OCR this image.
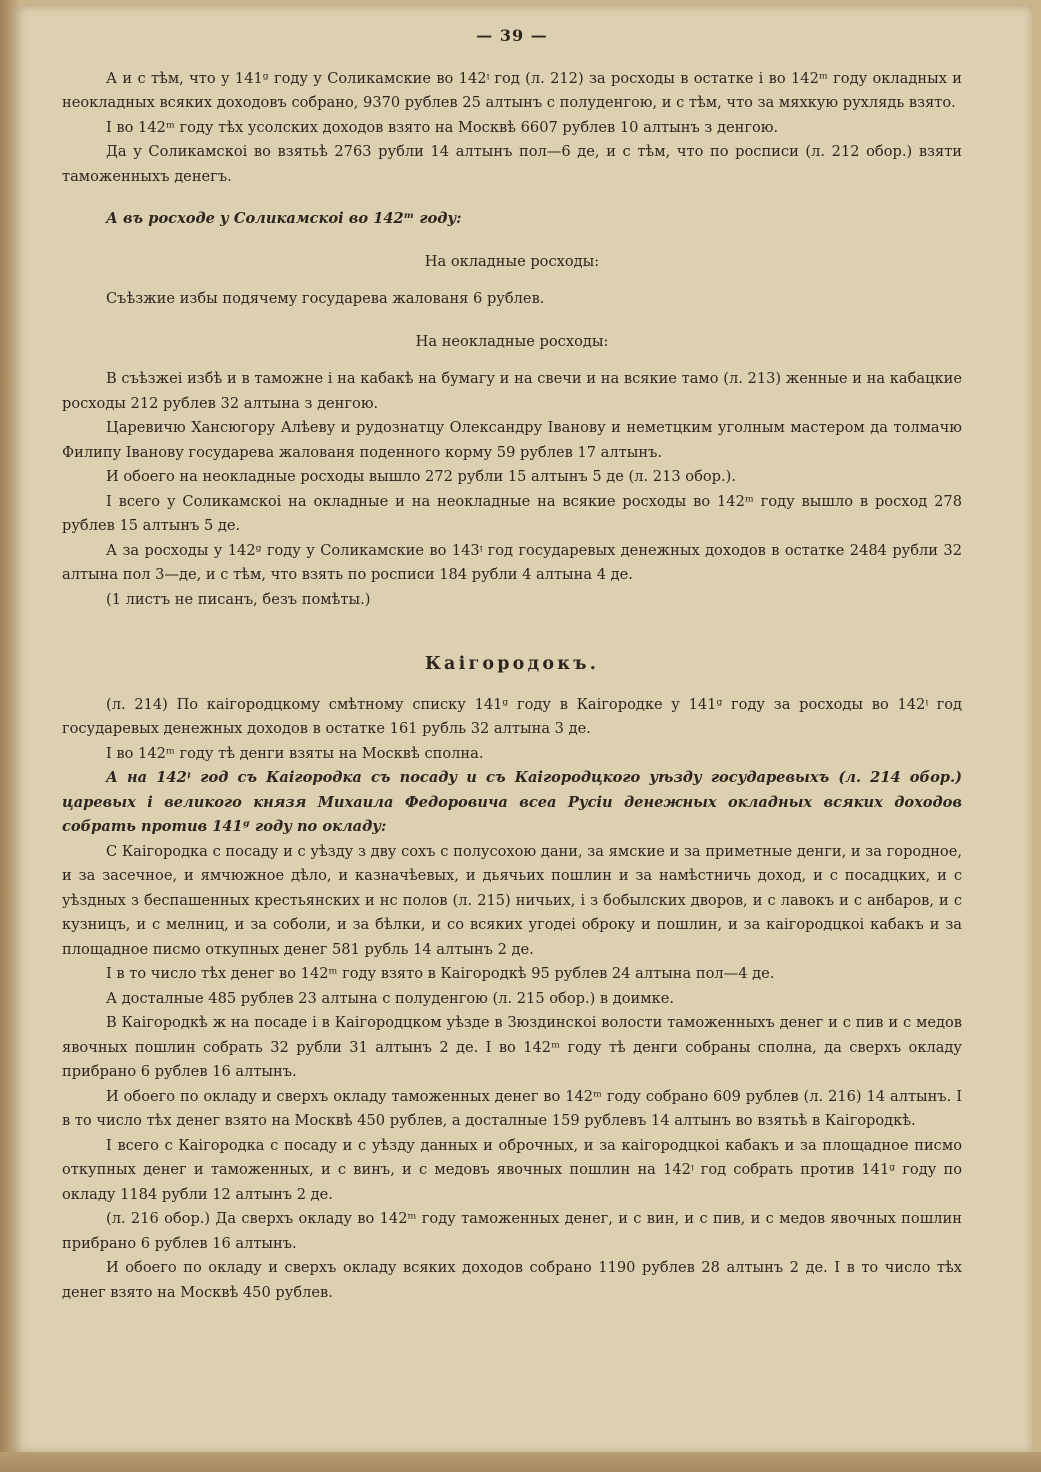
— 39 —

А и с тѣм, что у 141ᵍ году у Соликамские во 142ᵎ год (л. 212) за росходы в остатке і во 142ᵐ году окладных и неокладных всяких доходовъ собрано, 9370 рублев 25 алтынъ с полуденгою, и с тѣм, что за мяхкую рухлядь взято.

І во 142ᵐ году тѣх усолских доходов взято на Москвѣ 6607 рублев 10 алтынъ з денгою.

Да у Соликамскоі во взятьѣ 2763 рубли 14 алтынъ пол—6 де, и с тѣм, что по росписи (л. 212 обор.) взяти таможенныхъ денегъ.

А въ росходе у Соликамскоі во 142ᵐ году:

На окладные росходы:

Съѣзжие избы подячему государева жалованя 6 рублев.

На неокладные росходы:

В съѣзжеі избѣ и в таможне і на кабакѣ на бумагу и на свечи и на всякие тамо (л. 213) женные и на кабацкие росходы 212 рублев 32 алтына з денгою.

Царевичю Хансюгору Алѣеву и рудознатцу Олександру Іванову и неметцким уголным мастером да толмачю Филипу Іванову государева жалованя поденного корму 59 рублев 17 алтынъ.

И обоего на неокладные росходы вышло 272 рубли 15 алтынъ 5 де (л. 213 обор.).

І всего у Соликамскоі на окладные и на неокладные на всякие росходы во 142ᵐ году вышло в росход 278 рублев 15 алтынъ 5 де.

А за росходы у 142ᵍ году у Соликамские во 143ᵎ год государевых денежных доходов в остатке 2484 рубли 32 алтына пол 3—де, и с тѣм, что взять по росписи 184 рубли 4 алтына 4 де.

(1 листъ не писанъ, безъ помѣты.)

Каігородокъ.

(л. 214) По каігородцкому смѣтному списку 141ᵍ году в Каігородке у 141ᵍ году за росходы во 142ᵎ год государевых денежных доходов в остатке 161 рубль 32 алтына 3 де.

І во 142ᵐ году тѣ денги взяты на Москвѣ сполна.

А на 142ᵎ год съ Каігородка съ посаду и съ Каігородцкого уѣзду государевыхъ (л. 214 обор.) царевых і великого князя Михаила Федоровича всеа Русіи денежных окладных всяких доходов собрать против 141ᵍ году по окладу:

С Каігородка с посаду и с уѣзду з дву сохъ с полусохою дани, за ямские и за приметные денги, и за городное, и за засечное, и ямчюжное дѣло, и казначѣевых, и дьячьих пошлин и за намѣстничь доход, и с посадцких, и с уѣздных з беспашенных крестьянских и нс полов (л. 215) ничьих, і з бобылских дворов, и с лавокъ и с анбаров, и с кузницъ, и с мелниц, и за соболи, и за бѣлки, и со всяких угодеі оброку и пошлин, и за каігородцкоі кабакъ и за площадное писмо откупных денег 581 рубль 14 алтынъ 2 де.

І в то число тѣх денег во 142ᵐ году взято в Каігородкѣ 95 рублев 24 алтына пол—4 де.

А досталные 485 рублев 23 алтына с полуденгою (л. 215 обор.) в доимке.

В Каігородкѣ ж на посаде і в Каігородцком уѣзде в Зюздинскоі волости таможенныхъ денег и с пив и с медов явочных пошлин собрать 32 рубли 31 алтынъ 2 де. І во 142ᵐ году тѣ денги собраны сполна, да сверхъ окладу прибрано 6 рублев 16 алтынъ.

И обоего по окладу и сверхъ окладу таможенных денег во 142ᵐ году собрано 609 рублев (л. 216) 14 алтынъ. І в то число тѣх денег взято на Москвѣ 450 рублев, а досталные 159 рублевъ 14 алтынъ во взятьѣ в Каігородкѣ.

І всего с Каігородка с посаду и с уѣзду данных и оброчных, и за каігородцкоі кабакъ и за площадное писмо откупных денег и таможенных, и с винъ, и с медовъ явочных пошлин на 142ᵎ год собрать против 141ᵍ году по окладу 1184 рубли 12 алтынъ 2 де.

(л. 216 обор.) Да сверхъ окладу во 142ᵐ году таможенных денег, и с вин, и с пив, и с медов явочных пошлин прибрано 6 рублев 16 алтынъ.

И обоего по окладу и сверхъ окладу всяких доходов собрано 1190 рублев 28 алтынъ 2 де. І в то число тѣх денег взято на Москвѣ 450 рублев.
